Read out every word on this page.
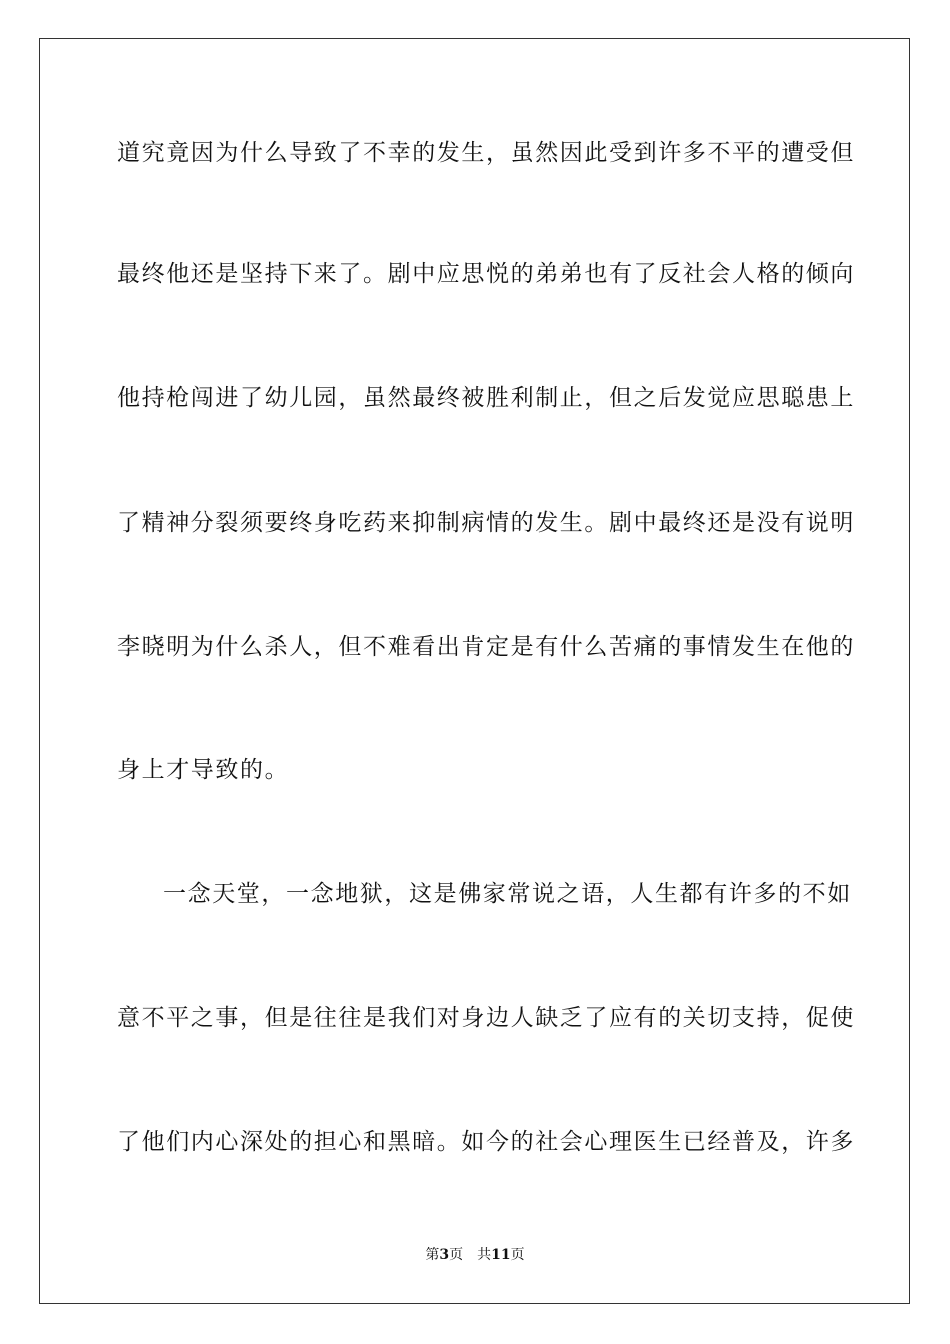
道究竟因为什么导致了不幸的发生，虽然因此受到许多不平的遭受但
最终他还是坚持下来了。剧中应思悦的弟弟也有了反社会人格的倾向
他持枪闯进了幼儿园，虽然最终被胜利制止，但之后发觉应思聪患上
了精神分裂须要终身吃药来抑制病情的发生。剧中最终还是没有说明
李晓明为什么杀人，但不难看出肯定是有什么苦痛的事情发生在他的
身上才导致的。
一念天堂，一念地狱，这是佛家常说之语，人生都有许多的不如
意不平之事，但是往往是我们对身边人缺乏了应有的关切支持，促使
了他们内心深处的担心和黑暗。如今的社会心理医生已经普及，许多
第3页 共11页
